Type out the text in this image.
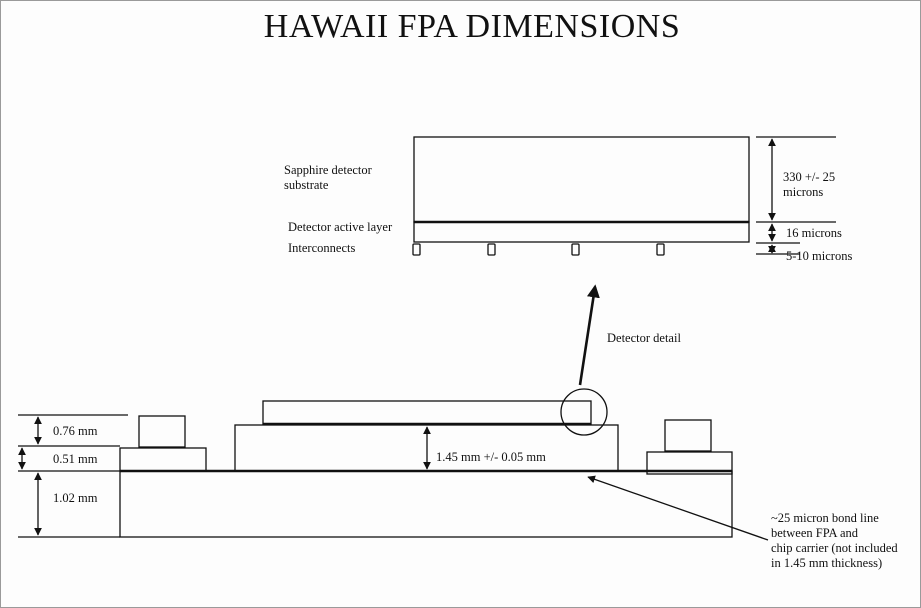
HAWAII FPA DIMENSIONS
Sapphire detector
substrate
Detector active layer
Interconnects
330 +/- 25
microns
16 microns
5-10 microns
Detector detail
0.76 mm
0.51 mm
1.02 mm
1.45 mm +/- 0.05 mm
~25 micron bond line
between FPA and
chip carrier (not included
in 1.45 mm thickness)
